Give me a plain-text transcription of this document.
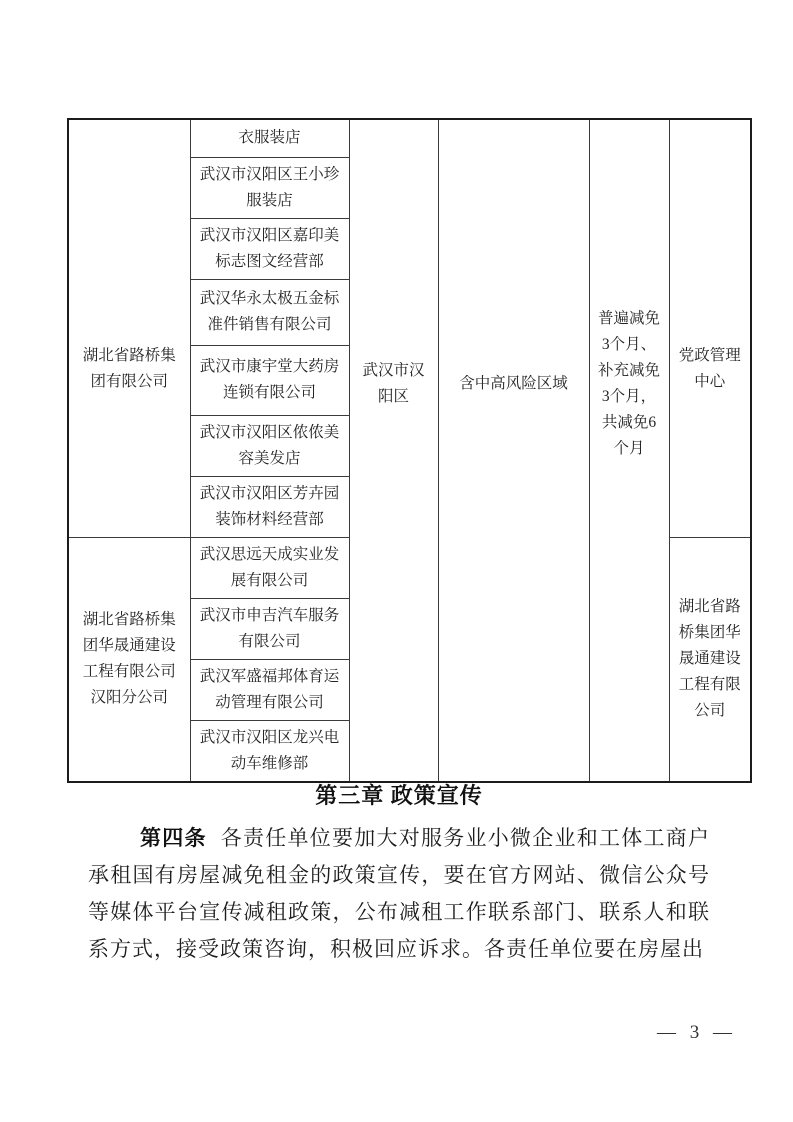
湖北省路桥集团有限公司	衣服装店	武汉市汉阳区	含中高风险区域	普遍减免3个月、补充减免3个月，共减免6个月	党政管理中心
	武汉市汉阳区王小珍服装店				
	武汉市汉阳区嘉印美标志图文经营部				
	武汉华永太极五金标准件销售有限公司				
	武汉市康宇堂大药房连锁有限公司				
	武汉市汉阳区侬侬美容美发店				
	武汉市汉阳区芳卉园装饰材料经营部				
湖北省路桥集团华晟通建设工程有限公司汉阳分公司	武汉思远天成实业发展有限公司				湖北省路桥集团华晟通建设工程有限公司
	武汉市申吉汽车服务有限公司				
	武汉军盛福邦体育运动管理有限公司				
	武汉市汉阳区龙兴电动车维修部				
第三章 政策宣传

第四条 各责任单位要加大对服务业小微企业和工体工商户承租国有房屋减免租金的政策宣传，要在官方网站、微信公众号等媒体平台宣传减租政策，公布减租工作联系部门、联系人和联系方式，接受政策咨询，积极回应诉求。各责任单位要在房屋出

— 3 —
